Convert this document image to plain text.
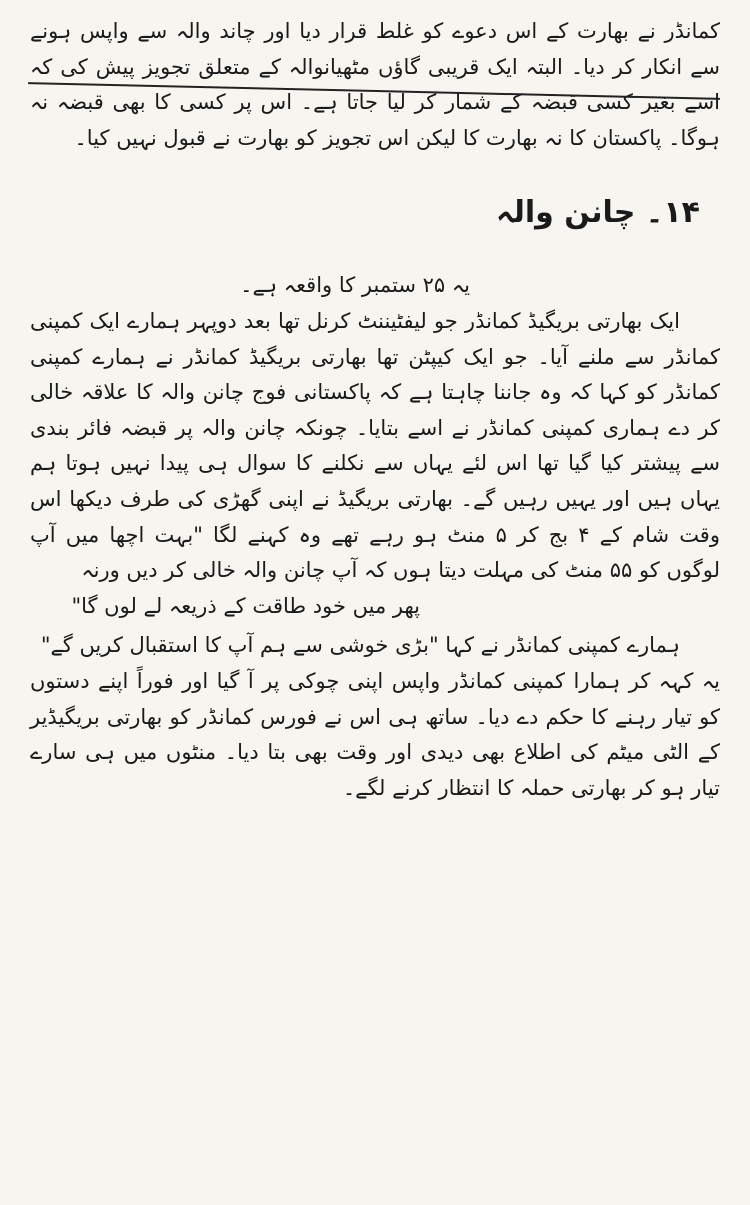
کمانڈر نے بھارت کے اس دعوے کو غلط قرار دیا اور چاند والہ سے واپس ہونے سے انکار کر دیا۔ البتہ ایک قریبی گاؤں مٹھیانوالہ کے متعلق تجویز پیش کی کہ اسے بغیر کسی قبضہ کے شمار کر لیا جاتا ہے۔ اس پر کسی کا بھی قبضہ نہ ہوگا۔ پاکستان کا نہ بھارت کا لیکن اس تجویز کو بھارت نے قبول نہیں کیا۔

۱۴۔ چانن والہ

یہ ۲۵ ستمبر کا واقعہ ہے۔

ایک بھارتی بریگیڈ کمانڈر جو لیفٹیننٹ کرنل تھا بعد دوپہر ہمارے ایک کمپنی کمانڈر سے ملنے آیا۔ جو ایک کیپٹن تھا بھارتی بریگیڈ کمانڈر نے ہمارے کمپنی کمانڈر کو کہا کہ وہ جاننا چاہتا ہے کہ پاکستانی فوج چانن والہ کا علاقہ خالی کر دے ہماری کمپنی کمانڈر نے اسے بتایا۔ چونکہ چانن والہ پر قبضہ فائر بندی سے پیشتر کیا گیا تھا اس لئے یہاں سے نکلنے کا سوال ہی پیدا نہیں ہوتا ہم یہاں ہیں اور یہیں رہیں گے۔ بھارتی بریگیڈ نے اپنی گھڑی کی طرف دیکھا اس وقت شام کے ۴ بج کر ۵ منٹ ہو رہے تھے وہ کہنے لگا "بہت اچھا میں آپ لوگوں کو ۵۵ منٹ کی مہلت دیتا ہوں کہ آپ چانن والہ خالی کر دیں ورنہ

پھر میں خود طاقت کے ذریعہ لے لوں گا"

ہمارے کمپنی کمانڈر نے کہا "بڑی خوشی سے ہم آپ کا استقبال کریں گے"

یہ کہہ کر ہمارا کمپنی کمانڈر واپس اپنی چوکی پر آ گیا اور فوراً اپنے دستوں کو تیار رہنے کا حکم دے دیا۔ ساتھ ہی اس نے فورس کمانڈر کو بھارتی بریگیڈیر کے الٹی میٹم کی اطلاع بھی دیدی اور وقت بھی بتا دیا۔ منٹوں میں ہی سارے تیار ہو کر بھارتی حملہ کا انتظار کرنے لگے۔
